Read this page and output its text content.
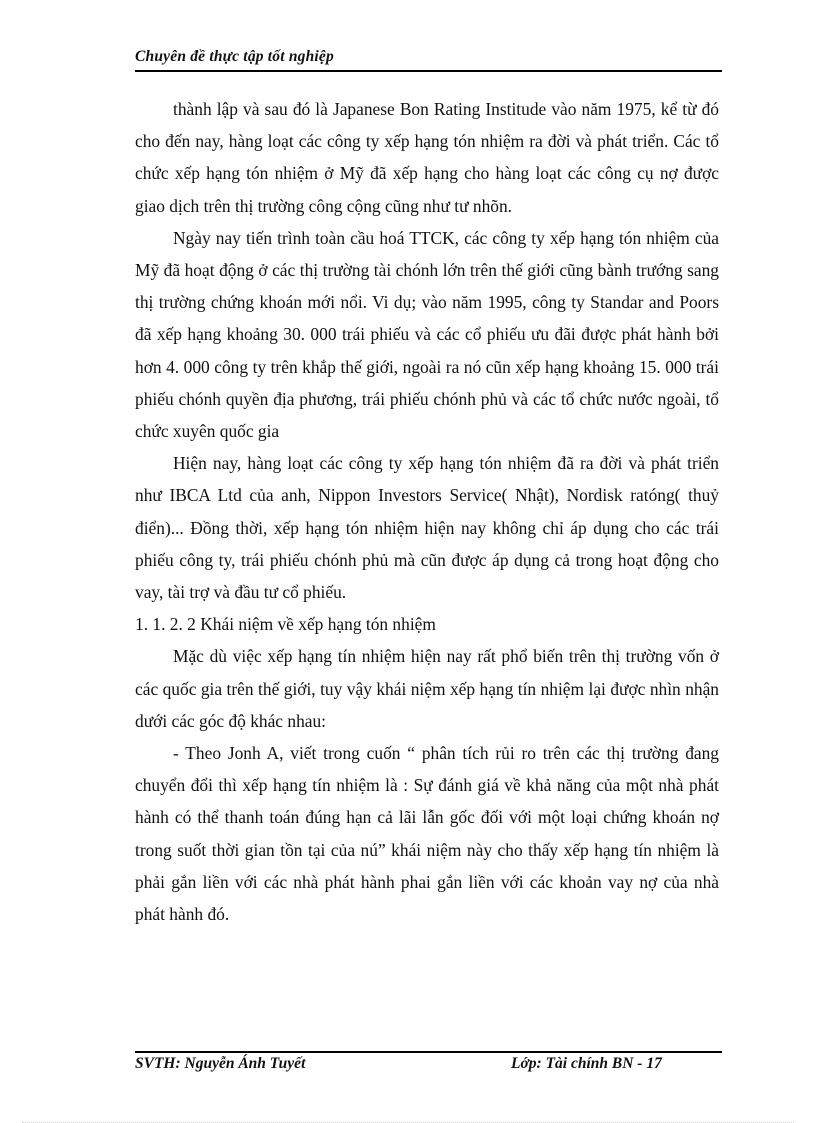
Chuyên đề thực tập tốt nghiệp

thành lập và sau đó là Japanese Bon Rating Institude vào năm 1975, kể từ đó cho đến nay, hàng loạt các công ty xếp hạng tón nhiệm ra đời và phát triển. Các tổ chức xếp hạng tón nhiệm ở Mỹ đã xếp hạng cho hàng loạt các công cụ nợ được giao dịch trên thị trường công cộng cũng như tư nhõn.

Ngày nay tiến trình toàn cầu hoá TTCK, các công ty xếp hạng tón nhiệm của Mỹ đã hoạt động ở các thị trường tài chónh lớn trên thế giới cũng bành trướng sang thị trường chứng khoán mới nổi. Vi dụ; vào năm 1995, công ty Standar and Poors đã xếp hạng khoảng 30. 000 trái phiếu và các cổ phiếu ưu đãi được phát hành bởi hơn 4. 000 công ty trên khắp thế giới, ngoài ra nó cũn xếp hạng khoảng 15. 000 trái phiếu chónh quyền địa phương, trái phiếu chónh phủ và các tổ chức nước ngoài, tổ chức xuyên quốc gia

Hiện nay, hàng loạt các công ty xếp hạng tón nhiệm đã ra đời và phát triển như IBCA Ltd của anh, Nippon Investors Service( Nhật), Nordisk ratóng( thuỷ điển)... Đồng thời, xếp hạng tón nhiệm hiện nay không chỉ áp dụng cho các trái phiếu công ty, trái phiếu chónh phủ mà cũn được áp dụng cả trong hoạt động cho vay, tài trợ và đầu tư cổ phiếu.

1. 1. 2. 2 Khái niệm về xếp hạng tón nhiệm

Mặc dù việc xếp hạng tín nhiệm hiện nay rất phổ biến trên thị trường vốn ở các quốc gia trên thế giới, tuy vậy khái niệm xếp hạng tín nhiệm lại được nhìn nhận dưới các góc độ khác nhau:

- Theo Jonh A, viết trong cuốn “ phân tích rủi ro trên các thị trường đang chuyển đổi thì xếp hạng tín nhiệm là : Sự đánh giá về khả năng của một nhà phát hành có thể thanh toán đúng hạn cả lãi lẫn gốc đối với một loại chứng khoán nợ trong suốt thời gian tồn tại của nú” khái niệm này cho thấy xếp hạng tín nhiệm là phải gắn liền với các nhà phát hành phai gắn liền với các khoản vay nợ của nhà phát hành đó.

SVTH: Nguyễn Ánh Tuyết	Lớp: Tài chính BN - 17
